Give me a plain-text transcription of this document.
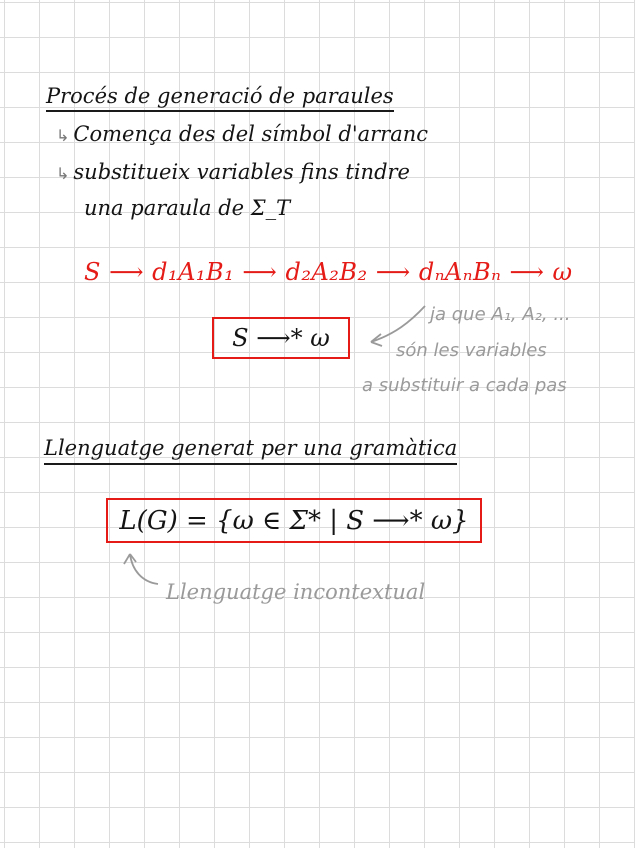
Procés de generació de paraules
↳ Comença des del símbol d'arranc
↳ substitueix variables fins tindre
una paraula de Σ_T
S ⟶ d₁A₁B₁ ⟶ d₂A₂B₂ ⟶ dₙAₙBₙ ⟶ ω
S ⟶* ω
ja que A₁, A₂, ...
són les variables
a substituir a cada pas
Llenguatge generat per una gramàtica
L(G) = {ω ∈ Σ* | S ⟶* ω}
Llenguatge incontextual
